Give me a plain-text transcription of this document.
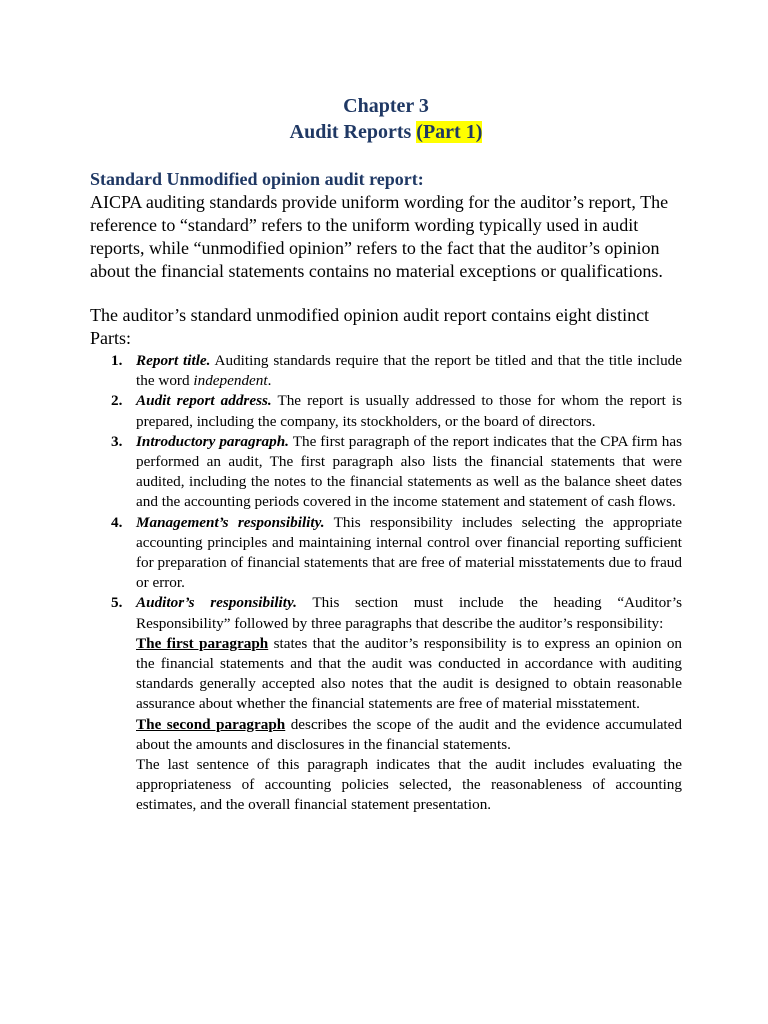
Chapter 3
Audit Reports (Part 1)
Standard Unmodified opinion audit report:

AICPA auditing standards provide uniform wording for the auditor’s report, The reference to “standard” refers to the uniform wording typically used in audit reports, while “unmodified opinion” refers to the fact that the auditor’s opinion about the financial statements contains no material exceptions or qualifications.

The auditor’s standard unmodified opinion audit report contains eight distinct Parts:

1. Report title. Auditing standards require that the report be titled and that the title include the word independent.
2. Audit report address. The report is usually addressed to those for whom the report is prepared, including the company, its stockholders, or the board of directors.
3. Introductory paragraph. The first paragraph of the report indicates that the CPA firm has performed an audit, The first paragraph also lists the financial statements that were audited, including the notes to the financial statements as well as the balance sheet dates and the accounting periods covered in the income statement and statement of cash flows.
4. Management’s responsibility. This responsibility includes selecting the appropriate accounting principles and maintaining internal control over financial reporting sufficient for preparation of financial statements that are free of material misstatements due to fraud or error.
5. Auditor’s responsibility. This section must include the heading “Auditor’s Responsibility” followed by three paragraphs that describe the auditor’s responsibility:
The first paragraph states that the auditor’s responsibility is to express an opinion on the financial statements and that the audit was conducted in accordance with auditing standards generally accepted also notes that the audit is designed to obtain reasonable assurance about whether the financial statements are free of material misstatement.
The second paragraph describes the scope of the audit and the evidence accumulated about the amounts and disclosures in the financial statements.
The last sentence of this paragraph indicates that the audit includes evaluating the appropriateness of accounting policies selected, the reasonableness of accounting estimates, and the overall financial statement presentation.
